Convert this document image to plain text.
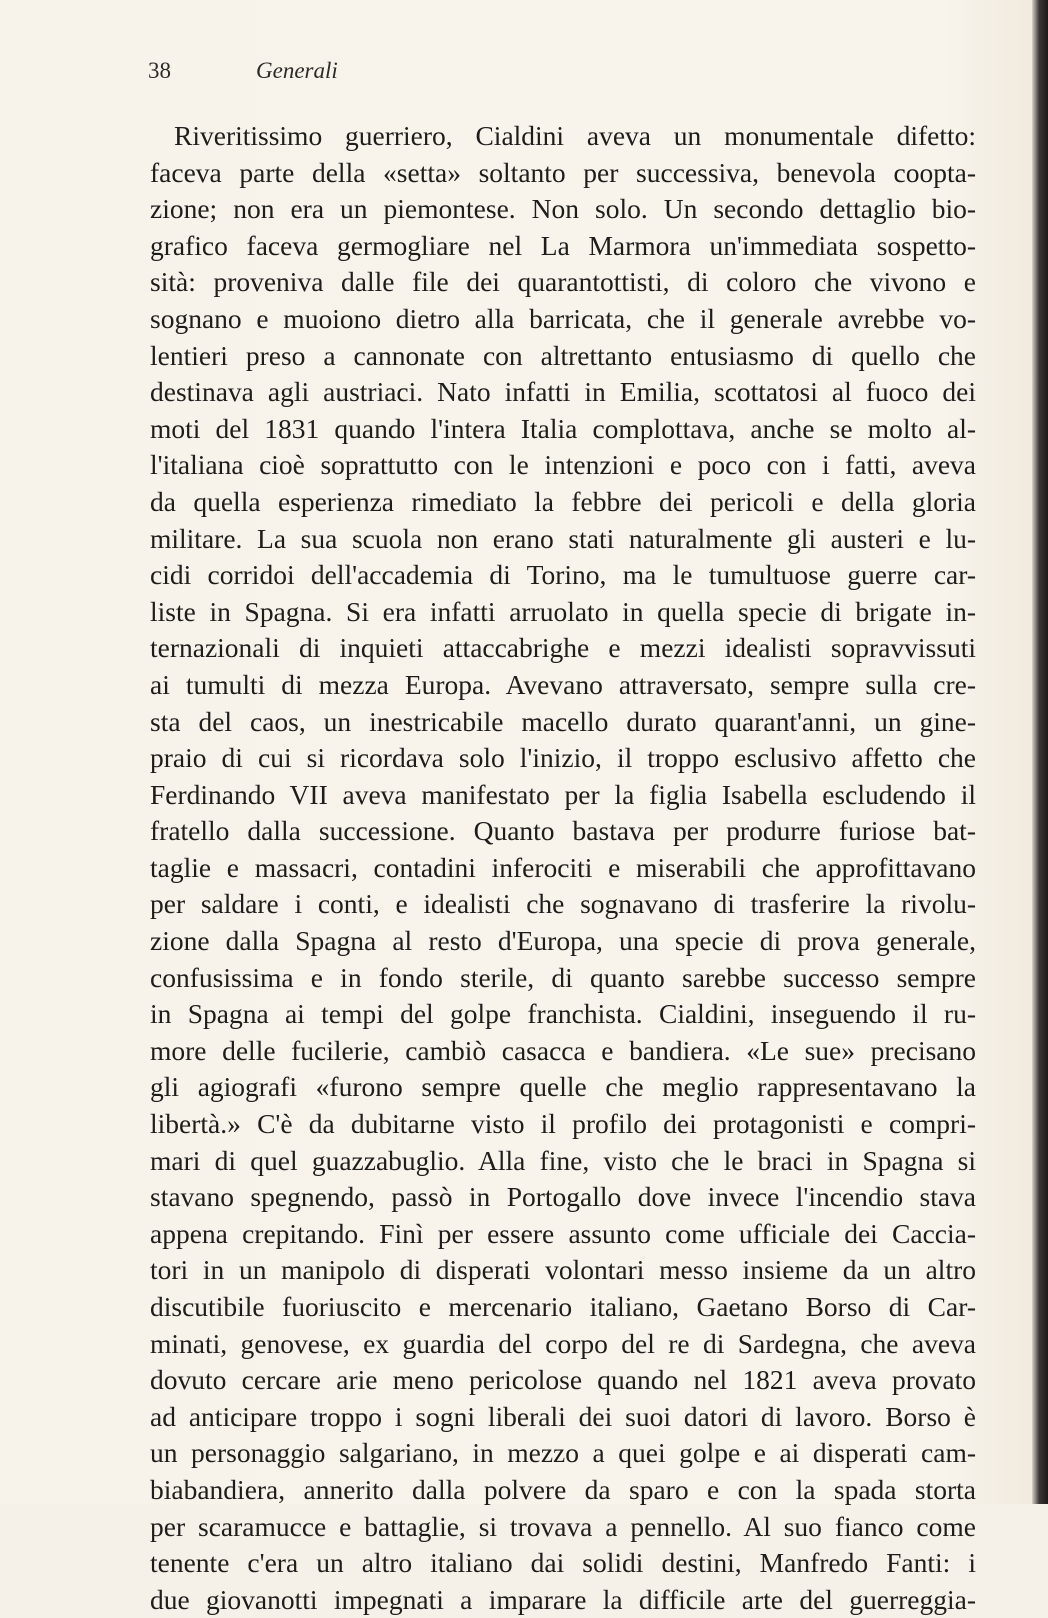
38	Generali
Riveritissimo guerriero, Cialdini aveva un monumentale difetto:
faceva parte della «setta» soltanto per successiva, benevola coopta-
zione; non era un piemontese. Non solo. Un secondo dettaglio bio-
grafico faceva germogliare nel La Marmora un'immediata sospetto-
sità: proveniva dalle file dei quarantottisti, di coloro che vivono e
sognano e muoiono dietro alla barricata, che il generale avrebbe vo-
lentieri preso a cannonate con altrettanto entusiasmo di quello che
destinava agli austriaci. Nato infatti in Emilia, scottatosi al fuoco dei
moti del 1831 quando l'intera Italia complottava, anche se molto al-
l'italiana cioè soprattutto con le intenzioni e poco con i fatti, aveva
da quella esperienza rimediato la febbre dei pericoli e della gloria
militare. La sua scuola non erano stati naturalmente gli austeri e lu-
cidi corridoi dell'accademia di Torino, ma le tumultuose guerre car-
liste in Spagna. Si era infatti arruolato in quella specie di brigate in-
ternazionali di inquieti attaccabrighe e mezzi idealisti sopravvissuti
ai tumulti di mezza Europa. Avevano attraversato, sempre sulla cre-
sta del caos, un inestricabile macello durato quarant'anni, un gine-
praio di cui si ricordava solo l'inizio, il troppo esclusivo affetto che
Ferdinando VII aveva manifestato per la figlia Isabella escludendo il
fratello dalla successione. Quanto bastava per produrre furiose bat-
taglie e massacri, contadini inferociti e miserabili che approfittavano
per saldare i conti, e idealisti che sognavano di trasferire la rivolu-
zione dalla Spagna al resto d'Europa, una specie di prova generale,
confusissima e in fondo sterile, di quanto sarebbe successo sempre
in Spagna ai tempi del golpe franchista. Cialdini, inseguendo il ru-
more delle fucilerie, cambiò casacca e bandiera. «Le sue» precisano
gli agiografi «furono sempre quelle che meglio rappresentavano la
libertà.» C'è da dubitarne visto il profilo dei protagonisti e compri-
mari di quel guazzabuglio. Alla fine, visto che le braci in Spagna si
stavano spegnendo, passò in Portogallo dove invece l'incendio stava
appena crepitando. Finì per essere assunto come ufficiale dei Caccia-
tori in un manipolo di disperati volontari messo insieme da un altro
discutibile fuoriuscito e mercenario italiano, Gaetano Borso di Car-
minati, genovese, ex guardia del corpo del re di Sardegna, che aveva
dovuto cercare arie meno pericolose quando nel 1821 aveva provato
ad anticipare troppo i sogni liberali dei suoi datori di lavoro. Borso è
un personaggio salgariano, in mezzo a quei golpe e ai disperati cam-
biabandiera, annerito dalla polvere da sparo e con la spada storta
per scaramucce e battaglie, si trovava a pennello. Al suo fianco come
tenente c'era un altro italiano dai solidi destini, Manfredo Fanti: i
due giovanotti impegnati a imparare la difficile arte del guerreggia-
